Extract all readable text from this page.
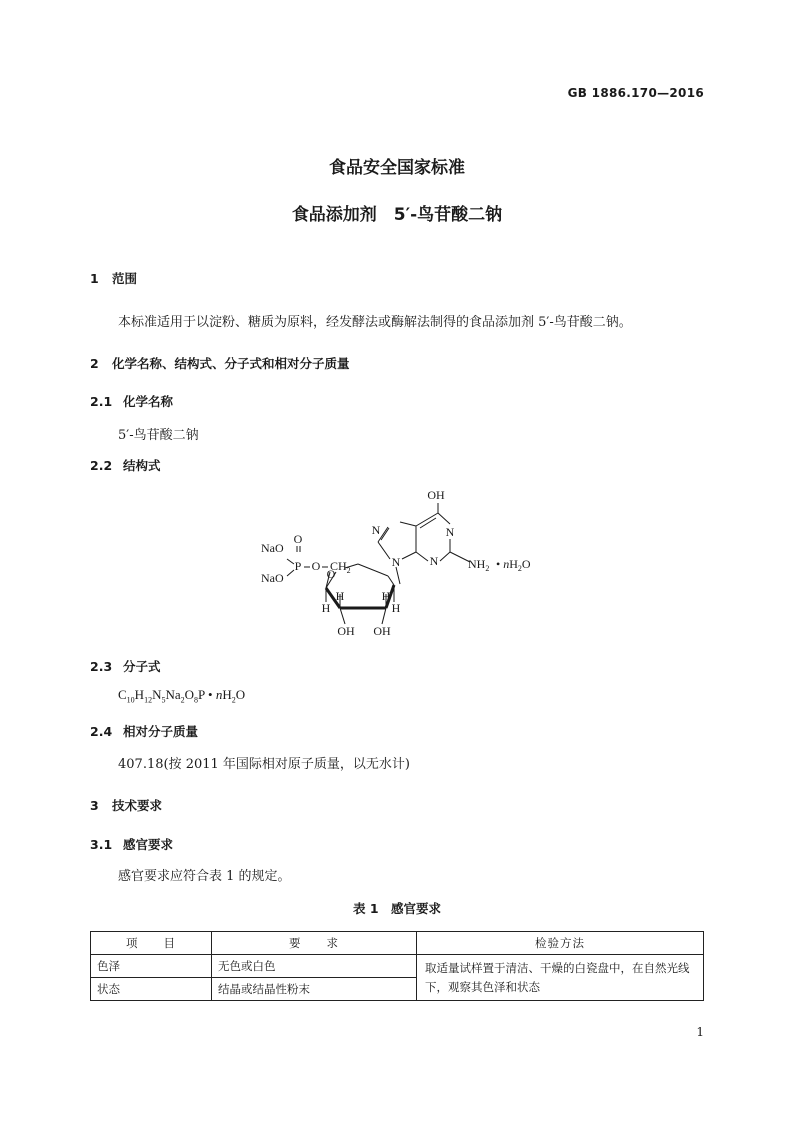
GB 1886.170—2016
食品安全国家标准
食品添加剂　5′-鸟苷酸二钠
1 范围
本标准适用于以淀粉、糖质为原料，经发酵法或酶解法制得的食品添加剂 5′-鸟苷酸二钠。
2 化学名称、结构式、分子式和相对分子质量
2.1 化学名称
5′-鸟苷酸二钠
2.2 结构式
OH
N
N
N
N	$NH_2$ • $nH_2O$
NaO
NaO
O
P O $CH_2$
O
H
H	H
H
OH OH
2.3 分子式
$C_{10}H_{12}N_5Na_2O_8P$ • $nH_2O$
2.4 相对分子质量
407.18(按 2011 年国际相对原子质量，以无水计)
3 技术要求
3.1 感官要求
感官要求应符合表 1 的规定。
表 1　感官要求
项　　目	要　　求	检验方法
色泽	无色或白色	取适量试样置于清洁、干燥的白瓷盘中，在自然光线下，观察其色泽和状态
状态	结晶或结晶性粉末	
1
